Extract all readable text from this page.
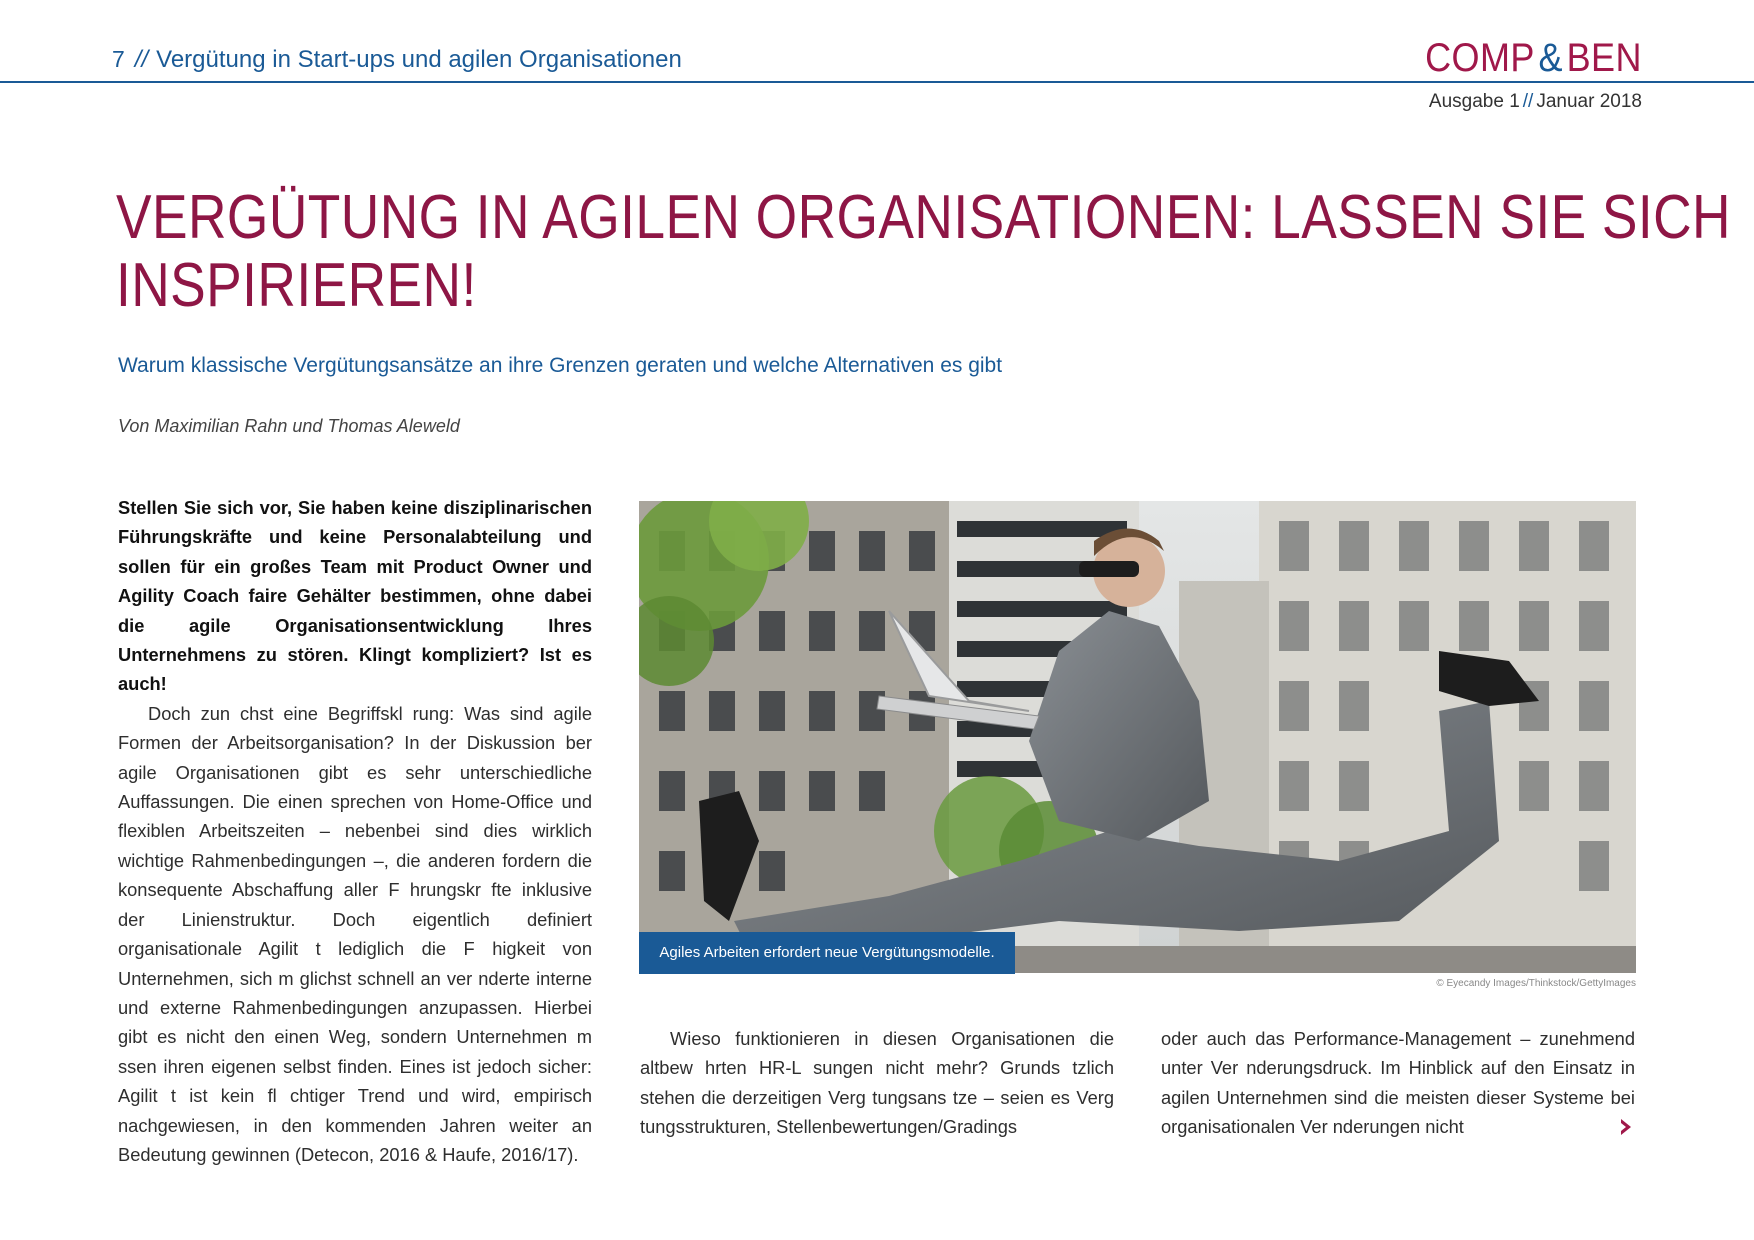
7 // Vergütung in Start-ups und agilen Organisationen	COMP&BEN
Ausgabe 1 // Januar 2018
VERGÜTUNG IN AGILEN ORGANISATIONEN: LASSEN SIE SICH
INSPIRIEREN!
Warum klassische Vergütungsansätze an ihre Grenzen geraten und welche Alternativen es gibt
Von Maximilian Rahn und Thomas Aleweld
Stellen Sie sich vor, Sie haben keine disziplinarischen Führungskräfte und keine Personalabteilung und sollen für ein großes Team mit Product Owner und Agility Coach faire Gehälter bestimmen, ohne dabei die agile Organisationsentwicklung Ihres Unternehmens zu stören. Klingt kompliziert? Ist es auch!
Doch zun chst eine Begriffskl rung: Was sind agile Formen der Arbeitsorganisation? In der Diskussion ber agile Organisationen gibt es sehr unterschiedliche Auffassungen. Die einen sprechen von Home-Office und flexiblen Arbeitszeiten – nebenbei sind dies wirklich wichtige Rahmenbedingungen –, die anderen fordern die konsequente Abschaffung aller F hrungskr fte inklusive der Linienstruktur. Doch eigentlich definiert organisationale Agilit t lediglich die F higkeit von Unternehmen, sich m glichst schnell an ver nderte interne und externe Rahmenbedingungen anzupassen. Hierbei gibt es nicht den einen Weg, sondern Unternehmen m ssen ihren eigenen selbst finden. Eines ist jedoch sicher: Agilit t ist kein fl chtiger Trend und wird, empirisch nachgewiesen, in den kommenden Jahren weiter an Bedeutung gewinnen (Detecon, 2016 & Haufe, 2016/17).
Agiles Arbeiten erfordert neue Vergütungsmodelle.
© Eyecandy Images/Thinkstock/GettyImages
Wieso funktionieren in diesen Organisationen die altbew hrten HR-L sungen nicht mehr? Grunds tzlich stehen die derzeitigen Verg tungsans tze – seien es Verg tungsstrukturen, Stellenbewertungen/Gradings
oder auch das Performance-Management – zunehmend unter Ver nderungsdruck. Im Hinblick auf den Einsatz in agilen Unternehmen sind die meisten dieser Systeme bei organisationalen Ver nderungen nicht
